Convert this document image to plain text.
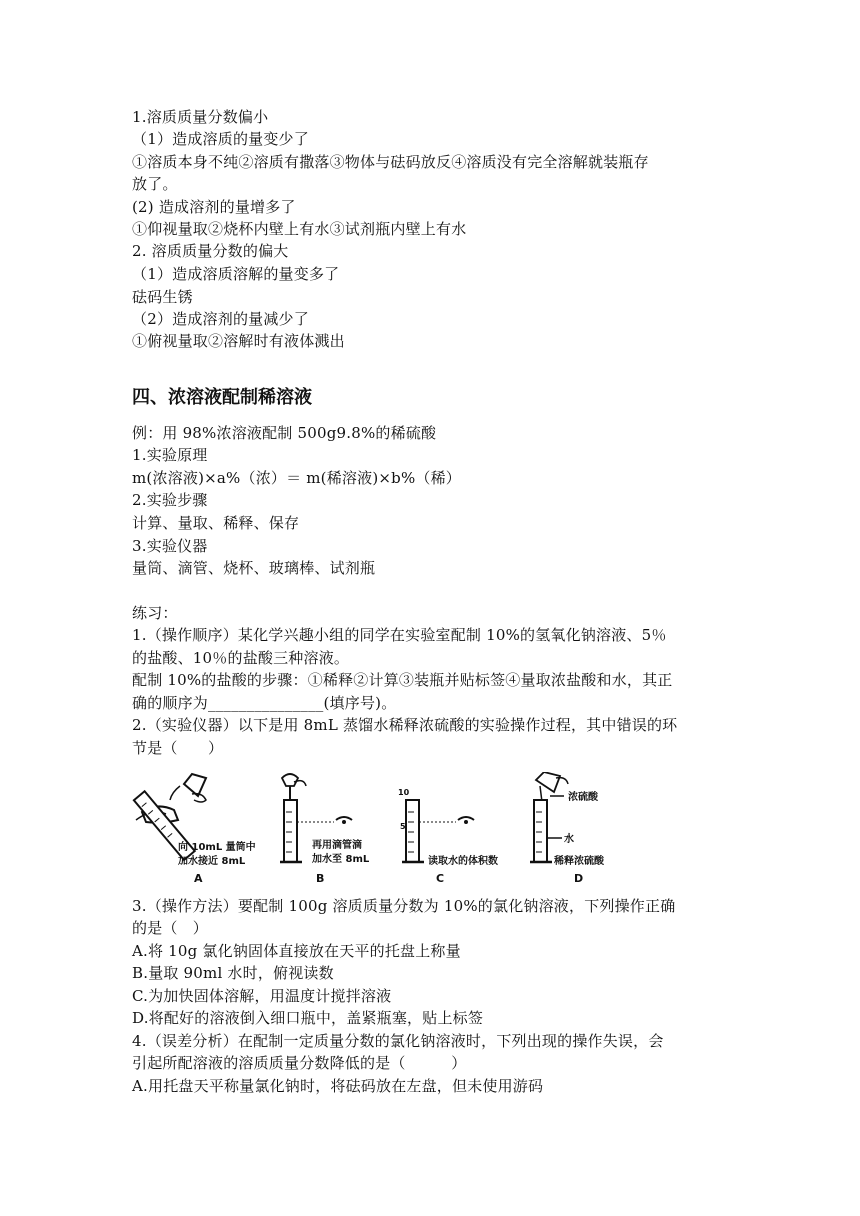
1.溶质质量分数偏小
（1）造成溶质的量变少了
①溶质本身不纯②溶质有撒落③物体与砝码放反④溶质没有完全溶解就装瓶存
放了。
(2) 造成溶剂的量增多了
①仰视量取②烧杯内壁上有水③试剂瓶内壁上有水
2. 溶质质量分数的偏大
（1）造成溶质溶解的量变多了
砝码生锈
（2）造成溶剂的量减少了
①俯视量取②溶解时有液体溅出
四、浓溶液配制稀溶液
例：用 98%浓溶液配制 500g9.8%的稀硫酸
1.实验原理
m(浓溶液)×a%（浓）＝ m(稀溶液)×b%（稀）
2.实验步骤
计算、量取、稀释、保存
3.实验仪器
量筒、滴管、烧杯、玻璃棒、试剂瓶
练习：
1.（操作顺序）某化学兴趣小组的同学在实验室配制 10%的氢氧化钠溶液、5％
的盐酸、10％的盐酸三种溶液。
配制 10%的盐酸的步骤：①稀释②计算③装瓶并贴标签④量取浓盐酸和水，其正
确的顺序为_______________(填序号)。
2.（实验仪器）以下是用 8mL 蒸馏水稀释浓硫酸的实验操作过程，其中错误的环
节是（　　）
向 10mL 量筒中
加水接近 8mL
A
再用滴管滴
加水至 8mL
B
10
5
读取水的体积数
C
浓硫酸
水
稀释浓硫酸
D
3.（操作方法）要配制 100g 溶质质量分数为 10%的氯化钠溶液，下列操作正确
的是（　）
A.将 10g 氯化钠固体直接放在天平的托盘上称量
B.量取 90ml 水时，俯视读数
C.为加快固体溶解，用温度计搅拌溶液
D.将配好的溶液倒入细口瓶中，盖紧瓶塞，贴上标签
4.（误差分析）在配制一定质量分数的氯化钠溶液时，下列出现的操作失误，会
引起所配溶液的溶质质量分数降低的是（　　　）
A.用托盘天平称量氯化钠时，将砝码放在左盘，但未使用游码
